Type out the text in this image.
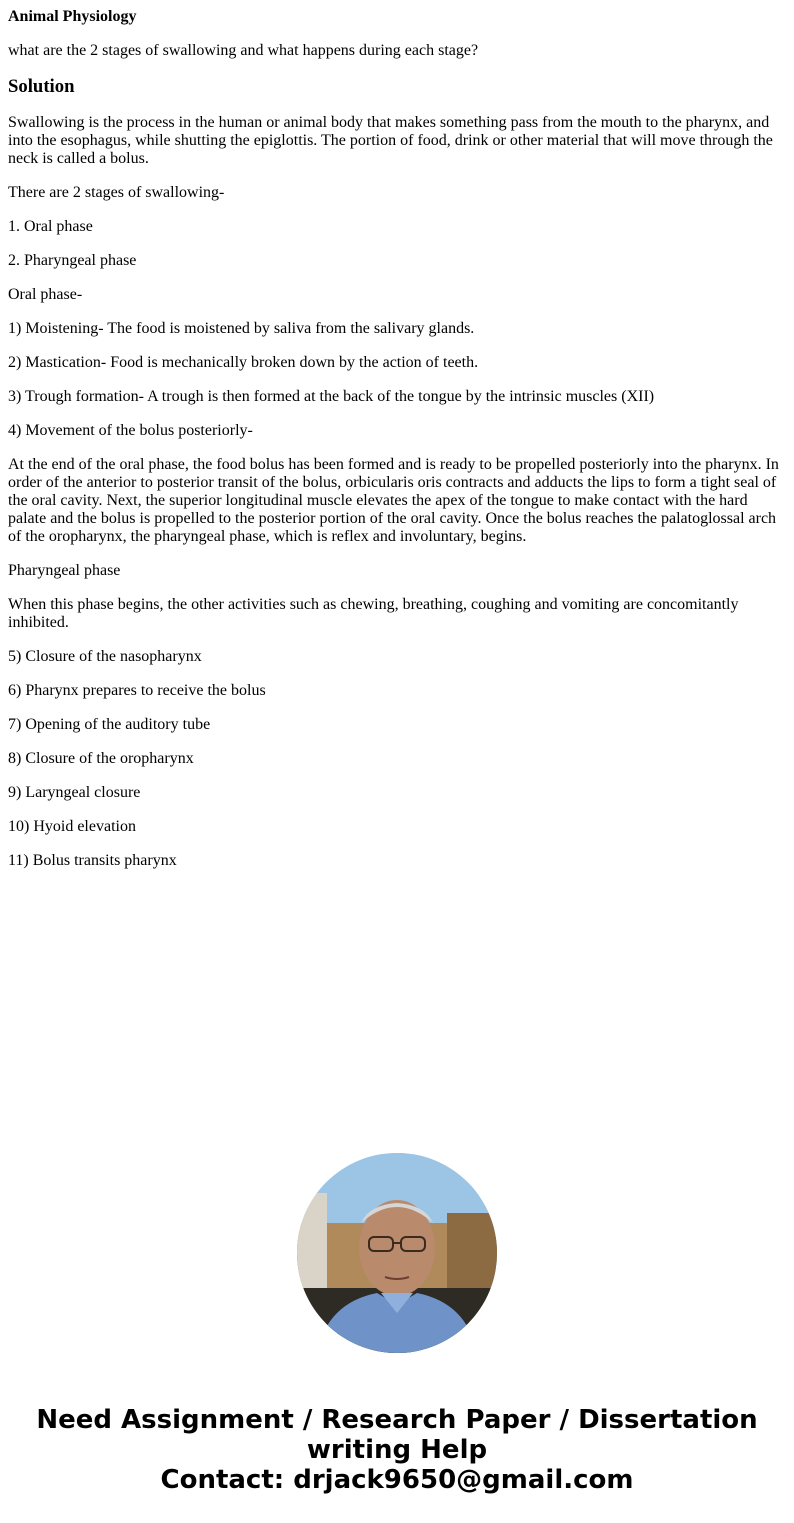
Animal Physiology
what are the 2 stages of swallowing and what happens during each stage?
Solution
Swallowing is the process in the human or animal body that makes something pass from the mouth to the pharynx, and into the esophagus, while shutting the epiglottis. The portion of food, drink or other material that will move through the neck is called a bolus.
There are 2 stages of swallowing-
1. Oral phase
2. Pharyngeal phase
Oral phase-
1) Moistening- The food is moistened by saliva from the salivary glands.
2) Mastication- Food is mechanically broken down by the action of teeth.
3) Trough formation- A trough is then formed at the back of the tongue by the intrinsic muscles (XII)
4) Movement of the bolus posteriorly-
At the end of the oral phase, the food bolus has been formed and is ready to be propelled posteriorly into the pharynx. In order of the anterior to posterior transit of the bolus, orbicularis oris contracts and adducts the lips to form a tight seal of the oral cavity. Next, the superior longitudinal muscle elevates the apex of the tongue to make contact with the hard palate and the bolus is propelled to the posterior portion of the oral cavity. Once the bolus reaches the palatoglossal arch of the oropharynx, the pharyngeal phase, which is reflex and involuntary, begins.
Pharyngeal phase
When this phase begins, the other activities such as chewing, breathing, coughing and vomiting are concomitantly inhibited.
5) Closure of the nasopharynx
6) Pharynx prepares to receive the bolus
7) Opening of the auditory tube
8) Closure of the oropharynx
9) Laryngeal closure
10) Hyoid elevation
11) Bolus transits pharynx
Need Assignment / Research Paper / Dissertation
writing Help
Contact: drjack9650@gmail.com
